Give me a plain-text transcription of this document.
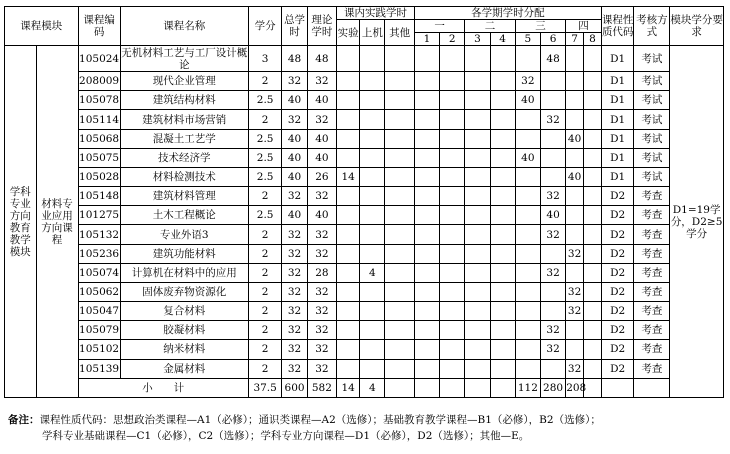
课程模块		课程编码	课程名称	学分	总学时	理论学时	课内实践学时			各学期学时分配								课程性质代码	考核方式	模块学分要求
							实验	上机	其他	一		二		三		四				
										1	2	3	4	5	6	7	8			
学科专业方向教育教学模块	材料专业应用方向课程	105024	无机材料工艺与工厂设计概论	3	48	48									48			D1	考试	D1=19学分，D2≥5学分
		208009	现代企业管理	2	32	32								32				D1	考试	
		105078	建筑结构材料	2.5	40	40								40				D1	考试	
		105114	建筑材料市场营销	2	32	32									32			D1	考试	
		105068	混凝土工艺学	2.5	40	40										40		D1	考试	
		105075	技术经济学	2.5	40	40								40				D1	考试	
		105028	材料检测技术	2.5	40	26	14									40		D1	考试	
		105148	建筑材料管理	2	32	32									32			D2	考查	
		101275	土木工程概论	2.5	40	40									40			D2	考查	
		105132	专业外语3	2	32	32									32			D2	考查	
		105236	建筑功能材料	2	32	32										32		D2	考查	
		105074	计算机在材料中的应用	2	32	28		4							32			D2	考查	
		105062	固体废弃物资源化	2	32	32										32		D2	考查	
		105047	复合材料	2	32	32										32		D2	考查	
		105079	胶凝材料	2	32	32									32			D2	考查	
		105102	纳米材料	2	32	32									32			D2	考查	
		105139	金属材料	2	32	32										32		D2	考查	
		小　　计		37.5	600	582	14	4						112	280	208				
备注：课程性质代码：思想政治类课程—A1（必修）；通识类课程—A2（选修）；基础教育教学课程—B1（必修），B2（选修）；
学科专业基础课程—C1（必修），C2（选修）；学科专业方向课程—D1（必修），D2（选修）；其他—E。
